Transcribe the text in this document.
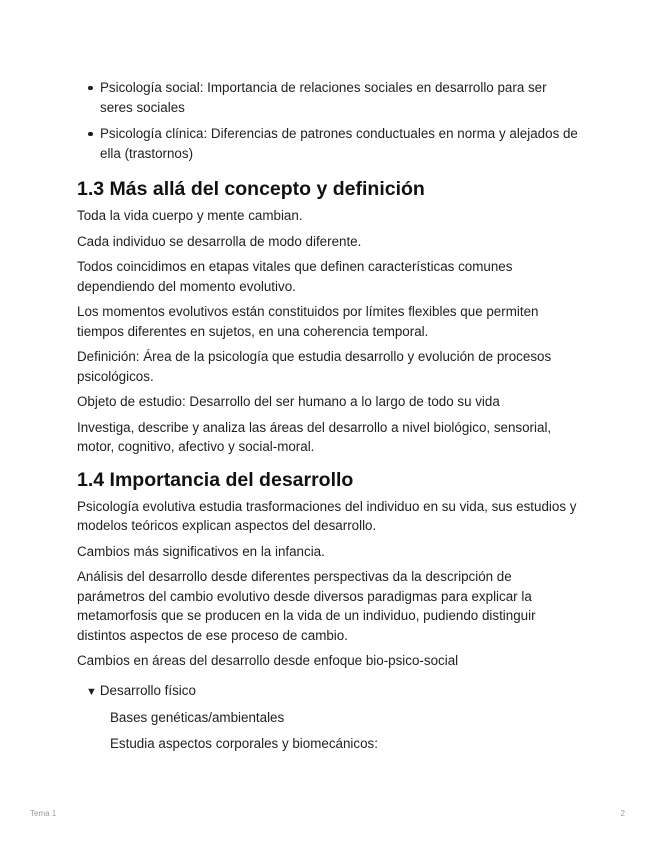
Psicología social: Importancia de relaciones sociales en desarrollo para ser seres sociales
Psicología clínica: Diferencias de patrones conductuales en norma y alejados de ella (trastornos)
1.3 Más allá del concepto y definición

Toda la vida cuerpo y mente cambian.

Cada individuo se desarrolla de modo diferente.

Todos coincidimos en etapas vitales que definen características comunes dependiendo del momento evolutivo.

Los momentos evolutivos están constituidos por límites flexibles que permiten tiempos diferentes en sujetos, en una coherencia temporal.

Definición: Área de la psicología que estudia desarrollo y evolución de procesos psicológicos.

Objeto de estudio: Desarrollo del ser humano a lo largo de todo su vida

Investiga, describe y analiza las áreas del desarrollo a nivel biológico, sensorial, motor, cognitivo, afectivo y social-moral.

1.4 Importancia del desarrollo

Psicología evolutiva estudia trasformaciones del individuo en su vida, sus estudios y modelos teóricos explican aspectos del desarrollo.

Cambios más significativos en la infancia.

Análisis del desarrollo desde diferentes perspectivas da la descripción de parámetros del cambio evolutivo desde diversos paradigmas para explicar la metamorfosis que se producen en la vida de un individuo, pudiendo distinguir distintos aspectos de ese proceso de cambio.

Cambios en áreas del desarrollo desde enfoque bio-psico-social

▼ Desarrollo físico

Bases genéticas/ambientales

Estudia aspectos corporales y biomecánicos:

Tema 1	2
